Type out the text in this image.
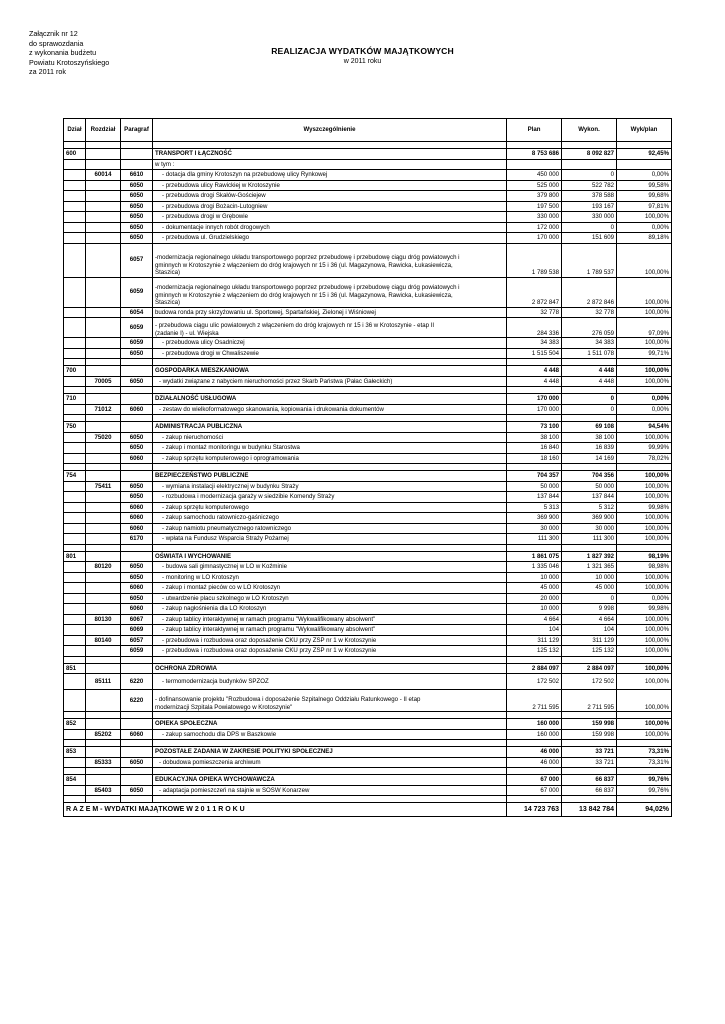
Załącznik nr 12
do sprawozdania
z wykonania budżetu
Powiatu Krotoszyńskiego
za 2011 rok
REALIZACJA WYDATKÓW MAJĄTKOWYCH
w 2011 roku
Dział	Rozdział	Paragraf	Wyszczególnienie	Plan	Wykon.	Wyk/plan

600			TRANSPORT I ŁĄCZNOŚĆ	8 753 686	8 092 827	92,45%
			w tym :			
	60014	6610	- dotacja dla gminy Krotoszyn na przebudowę ulicy Rynkowej	450 000	0	0,00%
		6050	- przebudowa ulicy Rawickiej w Krotoszynie	525 000	522 782	99,58%
		6050	- przebudowa drogi Skałów-Gościejew	379 800	378 588	99,68%
		6050	- przebudowa drogi Bożacin-Lutogniew	197 500	193 167	97,81%
		6050	- przebudowa drogi w Grębowie	330 000	330 000	100,00%
		6050	- dokumentacje innych robót drogowych	172 000	0	0,00%
		6050	- przebudowa ul. Grudzielskiego	170 000	151 609	89,18%
		6057	-modernizacja regionalnego układu transportowego poprzez przebudowę i przebudowę ciągu dróg powiatowych i
gminnych w Krotoszynie z włączeniem do dróg krajowych nr 15 i 36 (ul. Magazynowa, Rawicka, Łukasiewicza,
Staszica)	1 789 538	1 789 537	100,00%
		6059	-modernizacja regionalnego układu transportowego poprzez przebudowę i przebudowę ciągu dróg powiatowych i
gminnych w Krotoszynie z włączeniem do dróg krajowych nr 15 i 36 (ul. Magazynowa, Rawicka, Łukasiewicza,
Staszica)	2 872 847	2 872 846	100,00%
		6054	budowa ronda przy skrzyżowaniu ul. Sportowej, Spartańskiej, Zielonej i Wiśniowej	32 778	32 778	100,00%
		6059	- przebudowa ciągu ulic powiatowych z włączeniem do dróg krajowych nr 15 i 36 w Krotoszynie - etap II
(zadanie I) - ul. Wiejska	284 336	276 059	97,09%
		6059	- przebudowa ulicy Osadniczej	34 383	34 383	100,00%
		6050	- przebudowa drogi w Chwaliszewie	1 515 504	1 511 078	99,71%

700			GOSPODARKA MIESZKANIOWA	4 448	4 448	100,00%
	70005	6050	- wydatki związane z nabyciem nieruchomości przez Skarb Państwa (Pałac Gałeckich)	4 448	4 448	100,00%

710			DZIAŁALNOŚĆ USŁUGOWA	170 000	0	0,00%
	71012	6060	- zestaw do wielkoformatowego skanowania, kopiowania i drukowania dokumentów	170 000	0	0,00%

750			ADMINISTRACJA PUBLICZNA	73 100	69 108	94,54%
	75020	6050	- zakup nieruchomości	38 100	38 100	100,00%
		6050	- zakup i montaż monitoringu w budynku Starostwa	16 840	16 839	99,99%
		6060	- zakup sprzętu komputerowego i oprogramowania	18 160	14 169	78,02%

754			BEZPIECZEŃSTWO PUBLICZNE	704 357	704 356	100,00%
	75411	6050	- wymiana instalacji elektrycznej w budynku Straży	50 000	50 000	100,00%
		6050	- rozbudowa i modernizacja garaży w siedzibie Komendy Straży	137 844	137 844	100,00%
		6060	- zakup sprzętu komputerowego	5 313	5 312	99,98%
		6060	- zakup samochodu ratowniczo-gaśniczego	369 900	369 900	100,00%
		6060	- zakup namiotu pneumatycznego ratowniczego	30 000	30 000	100,00%
		6170	- wpłata na Fundusz Wsparcia Straży Pożarnej	111 300	111 300	100,00%

801			OŚWIATA I WYCHOWANIE	1 861 075	1 827 392	98,19%
	80120	6050	- budowa sali gimnastycznej w LO w Koźminie	1 335 046	1 321 365	98,98%
		6050	- monitoring w LO Krotoszyn	10 000	10 000	100,00%
		6060	- zakup i montaż pieców co w LO Krotoszyn	45 000	45 000	100,00%
		6050	- utwardzenie placu szkolnego w LO Krotoszyn	20 000	0	0,00%
		6060	- zakup nagłośnienia dla LO Krotoszyn	10 000	9 998	99,98%
	80130	6067	- zakup tablicy interaktywnej w ramach programu "Wykwalifikowany absolwent"	4 664	4 664	100,00%
		6069	- zakup tablicy interaktywnej w ramach programu "Wykwalifikowany absolwent"	104	104	100,00%
	80140	6057	- przebudowa i rozbudowa oraz doposażenie CKU przy ZSP nr 1 w Krotoszynie	311 129	311 129	100,00%
		6059	- przebudowa i rozbudowa oraz doposażenie CKU przy ZSP nr 1 w Krotoszynie	125 132	125 132	100,00%

851			OCHRONA ZDROWIA	2 884 097	2 884 097	100,00%
	85111	6220	- termomodernizacja budynków SPZOZ	172 502	172 502	100,00%
		6220	- dofinansowanie projektu "Rozbudowa i doposażenie Szpitalnego Oddziału Ratunkowego - II etap
modernizacji Szpitala Powiatowego w Krotoszynie"	2 711 595	2 711 595	100,00%

852			OPIEKA SPOŁECZNA	160 000	159 998	100,00%
	85202	6060	- zakup samochodu dla DPS w Baszkowie	160 000	159 998	100,00%

853			POZOSTAŁE ZADANIA W ZAKRESIE POLITYKI SPOŁECZNEJ	46 000	33 721	73,31%
	85333	6050	- dobudowa pomieszczenia archiwum	46 000	33 721	73,31%

854			EDUKACYJNA OPIEKA WYCHOWAWCZA	67 000	66 837	99,76%
	85403	6050	- adaptacja pomieszczeń na stajnie w SOSW Konarzew	67 000	66 837	99,76%

R A Z E M - WYDATKI MAJĄTKOWE W 2 0 1 1 R O K U				14 723 763	13 842 784	94,02%
